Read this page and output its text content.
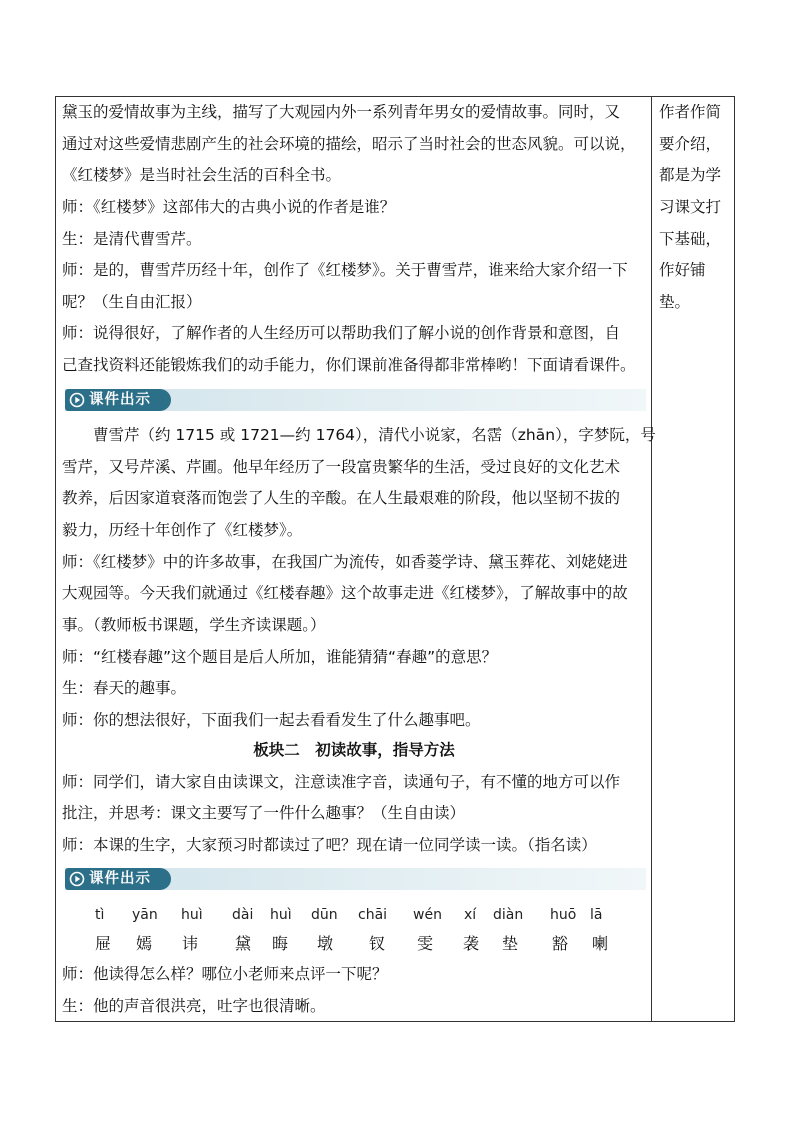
黛玉的爱情故事为主线，描写了大观园内外一系列青年男女的爱情故事。同时，又
通过对这些爱情悲剧产生的社会环境的描绘，昭示了当时社会的世态风貌。可以说，
《红楼梦》是当时社会生活的百科全书。
师：《红楼梦》这部伟大的古典小说的作者是谁？
生：是清代曹雪芹。
师：是的，曹雪芹历经十年，创作了《红楼梦》。关于曹雪芹，谁来给大家介绍一下
呢？（生自由汇报）
师：说得很好，了解作者的人生经历可以帮助我们了解小说的创作背景和意图，自
己查找资料还能锻炼我们的动手能力，你们课前准备得都非常棒哟！下面请看课件。
课件出示
曹雪芹（约 1715 或 1721—约 1764），清代小说家，名霑（zhān），字梦阮，号
雪芹，又号芹溪、芹圃。他早年经历了一段富贵繁华的生活，受过良好的文化艺术
教养，后因家道衰落而饱尝了人生的辛酸。在人生最艰难的阶段，他以坚韧不拔的
毅力，历经十年创作了《红楼梦》。
师：《红楼梦》中的许多故事，在我国广为流传，如香菱学诗、黛玉葬花、刘姥姥进
大观园等。今天我们就通过《红楼春趣》这个故事走进《红楼梦》，了解故事中的故
事。（教师板书课题，学生齐读课题。）
师：“红楼春趣”这个题目是后人所加，谁能猜猜“春趣”的意思？
生：春天的趣事。
师：你的想法很好，下面我们一起去看看发生了什么趣事吧。
板块二　初读故事，指导方法
师：同学们，请大家自由读课文，注意读准字音，读通句子，有不懂的地方可以作
批注，并思考：课文主要写了一件什么趣事？（生自由读）
师：本课的生字，大家预习时都读过了吧？现在请一位同学读一读。（指名读）
课件出示
tì yān huì dài huì dūn chāi wén xí diàn huō lā
屉 嫣 讳 黛 晦 墩 钗 雯 袭 垫 豁 喇
师：他读得怎么样？哪位小老师来点评一下呢？
生：他的声音很洪亮，吐字也很清晰。
作者作简
要介绍，
都是为学
习课文打
下基础，
作好铺
垫。
